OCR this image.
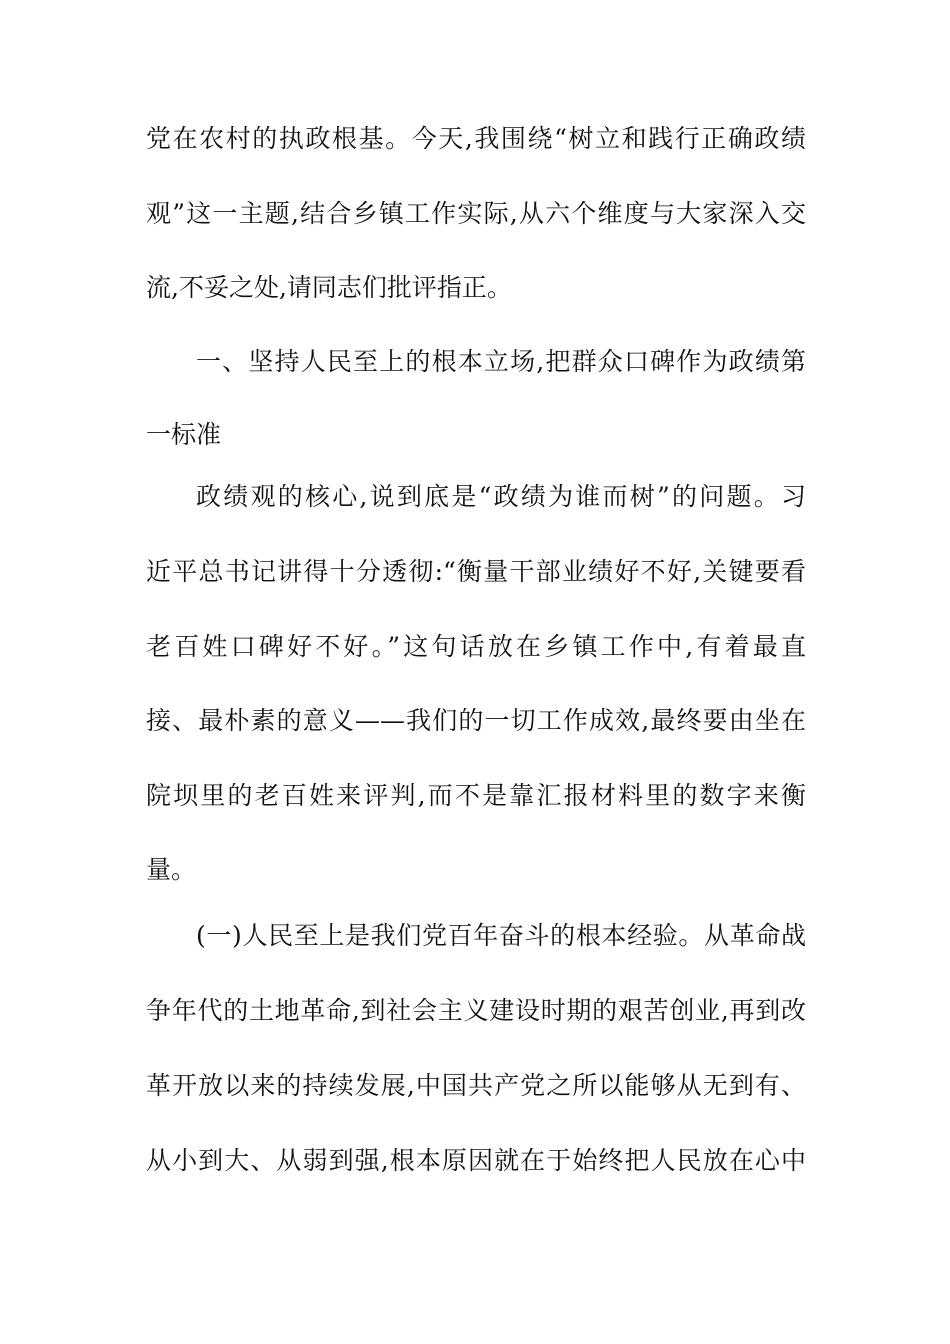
党在农村的执政根基。今天,我围绕“树立和践行正确政绩
观”这一主题,结合乡镇工作实际,从六个维度与大家深入交
流,不妥之处,请同志们批评指正。
一、坚持人民至上的根本立场,把群众口碑作为政绩第
一标准
政绩观的核心,说到底是“政绩为谁而树”的问题。习
近平总书记讲得十分透彻:“衡量干部业绩好不好,关键要看
老百姓口碑好不好。”这句话放在乡镇工作中,有着最直
接、最朴素的意义——我们的一切工作成效,最终要由坐在
院坝里的老百姓来评判,而不是靠汇报材料里的数字来衡
量。
(一)人民至上是我们党百年奋斗的根本经验。从革命战
争年代的土地革命,到社会主义建设时期的艰苦创业,再到改
革开放以来的持续发展,中国共产党之所以能够从无到有、
从小到大、从弱到强,根本原因就在于始终把人民放在心中
